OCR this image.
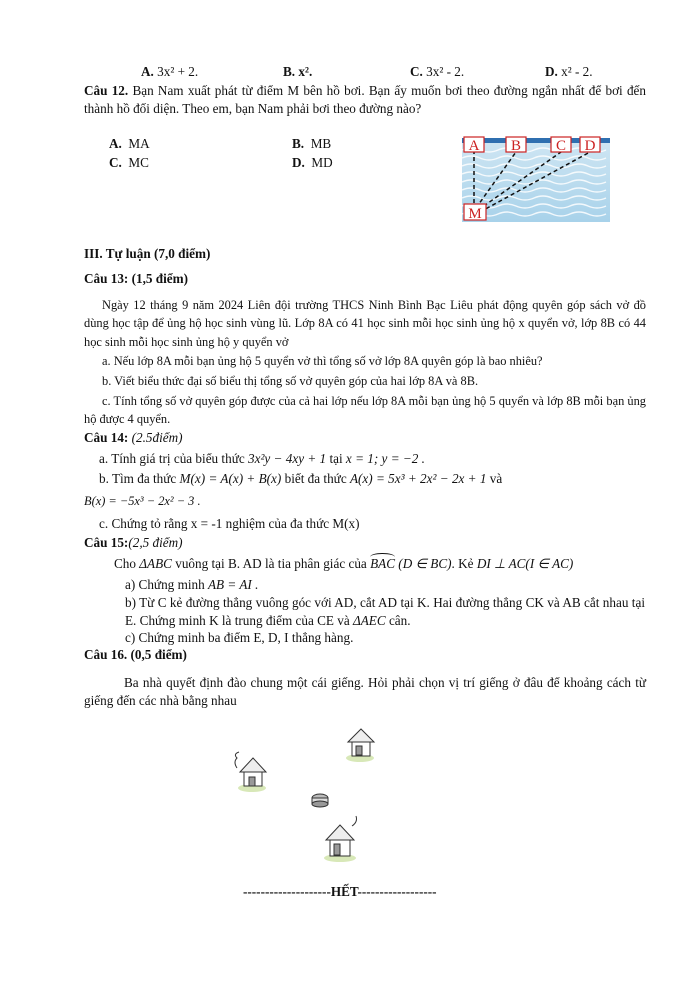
A. 3x² + 2.	B. x².	C. 3x² - 2.	D. x² - 2.
Câu 12. Bạn Nam xuất phát từ điểm M bên hồ bơi. Bạn ấy muốn bơi theo đường ngắn nhất để bơi đến thành hồ đối diện. Theo em, bạn Nam phải bơi theo đường nào?
A. MA	B. MB
C. MC	D. MD
A B C D
M
III. Tự luận (7,0 điểm)
Câu 13: (1,5 điểm)
Ngày 12 tháng 9 năm 2024 Liên đội trường THCS Ninh Bình Bạc Liêu phát động quyên góp sách vở đồ dùng học tập để ủng hộ học sinh vùng lũ. Lớp 8A có 41 học sinh mỗi học sinh ủng hộ x quyển vở, lớp 8B có 44 học sinh mỗi học sinh ủng hộ y quyển vở
a. Nếu lớp 8A mỗi bạn ủng hộ 5 quyển vở thì tổng số vở lớp 8A quyên góp là bao nhiêu?
b. Viết biểu thức đại số biểu thị tổng số vở quyên góp của hai lớp 8A và 8B.
c. Tính tổng số vở quyên góp được của cả hai lớp nếu lớp 8A mỗi bạn ủng hộ 5 quyển và lớp 8B mỗi bạn ủng hộ được 4 quyển.
Câu 14: (2.5điểm)
a. Tính giá trị của biểu thức 3x²y − 4xy + 1 tại x = 1; y = −2 .
b. Tìm đa thức M(x) = A(x) + B(x) biết đa thức A(x) = 5x³ + 2x² − 2x + 1 và
B(x) = −5x³ − 2x² − 3 .
c. Chứng tỏ rằng x = -1 nghiệm của đa thức M(x)
Câu 15:(2,5 điểm)
Cho ΔABC vuông tại B. AD là tia phân giác của BAC (D ∈ BC). Kẻ DI ⊥ AC(I ∈ AC)
a) Chứng minh AB = AI .
b) Từ C kẻ đường thẳng vuông góc với AD, cắt AD tại K. Hai đường thẳng CK và AB cắt nhau tại E. Chứng minh K là trung điểm của CE và ΔAEC cân.
c) Chứng minh ba điểm E, D, I thẳng hàng.
Câu 16. (0,5 điểm)
Ba nhà quyết định đào chung một cái giếng. Hỏi phải chọn vị trí giếng ở đâu để khoảng cách từ giếng đến các nhà bằng nhau
--------------------HẾT------------------
